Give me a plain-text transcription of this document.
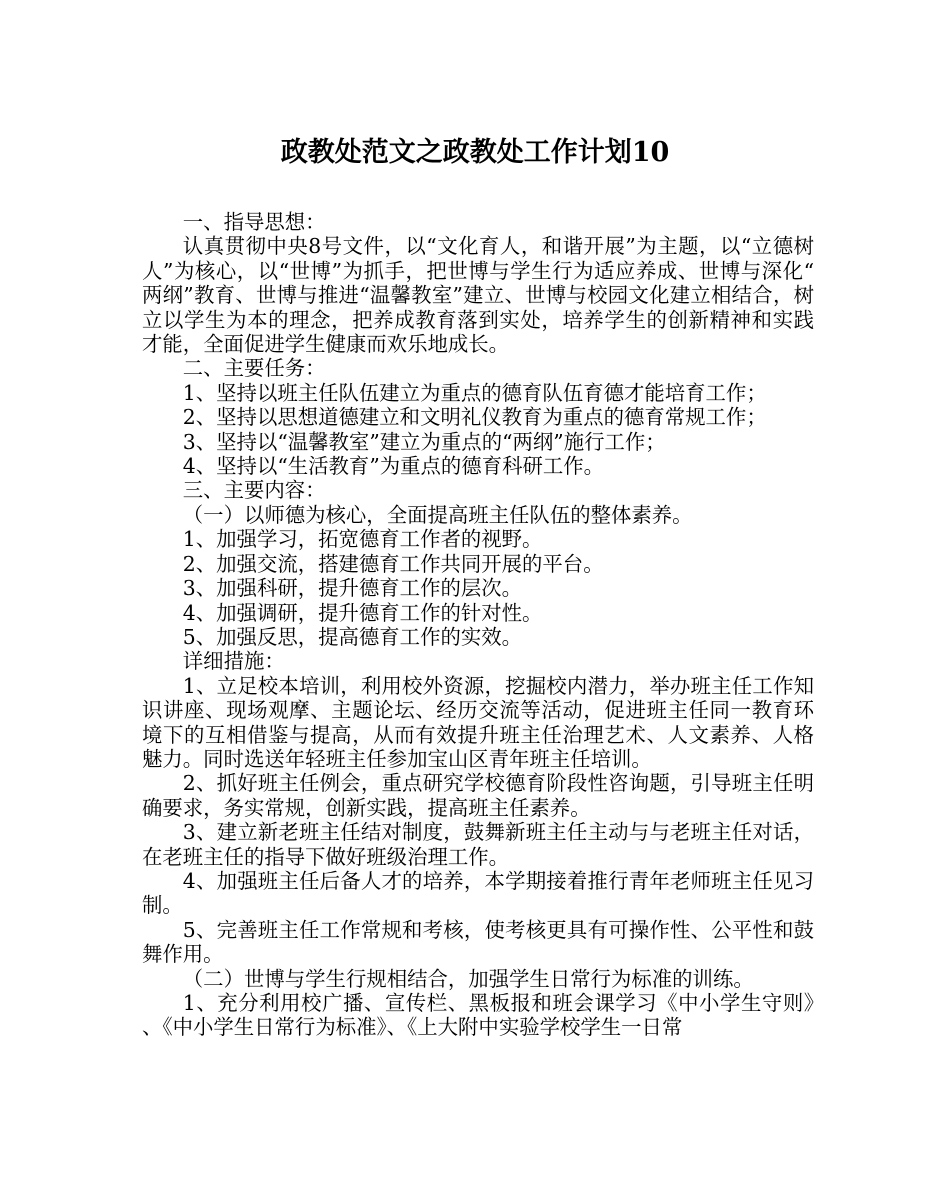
政教处范文之政教处工作计划10

一、指导思想：

认真贯彻中央8号文件，以“文化育人，和谐开展”为主题，以“立德树人”为核心，以“世博”为抓手，把世博与学生行为适应养成、世博与深化“两纲”教育、世博与推进“温馨教室”建立、世博与校园文化建立相结合，树立以学生为本的理念，把养成教育落到实处，培养学生的创新精神和实践才能，全面促进学生健康而欢乐地成长。

二、主要任务：

1、坚持以班主任队伍建立为重点的德育队伍育德才能培育工作；

2、坚持以思想道德建立和文明礼仪教育为重点的德育常规工作；

3、坚持以“温馨教室”建立为重点的“两纲”施行工作；

4、坚持以“生活教育”为重点的德育科研工作。

三、主要内容：

（一）以师德为核心，全面提高班主任队伍的整体素养。

1、加强学习，拓宽德育工作者的视野。

2、加强交流，搭建德育工作共同开展的平台。

3、加强科研，提升德育工作的层次。

4、加强调研，提升德育工作的针对性。

5、加强反思，提高德育工作的实效。

详细措施：

1、立足校本培训，利用校外资源，挖掘校内潜力，举办班主任工作知识讲座、现场观摩、主题论坛、经历交流等活动，促进班主任同一教育环境下的互相借鉴与提高，从而有效提升班主任治理艺术、人文素养、人格魅力。同时选送年轻班主任参加宝山区青年班主任培训。

2、抓好班主任例会，重点研究学校德育阶段性咨询题，引导班主任明确要求，务实常规，创新实践，提高班主任素养。

3、建立新老班主任结对制度，鼓舞新班主任主动与与老班主任对话，在老班主任的指导下做好班级治理工作。

4、加强班主任后备人才的培养，本学期接着推行青年老师班主任见习制。

5、完善班主任工作常规和考核，使考核更具有可操作性、公平性和鼓舞作用。

（二）世博与学生行规相结合，加强学生日常行为标准的训练。

1、充分利用校广播、宣传栏、黑板报和班会课学习《中小学生守则》、《中小学生日常行为标准》、《上大附中实验学校学生一日常
